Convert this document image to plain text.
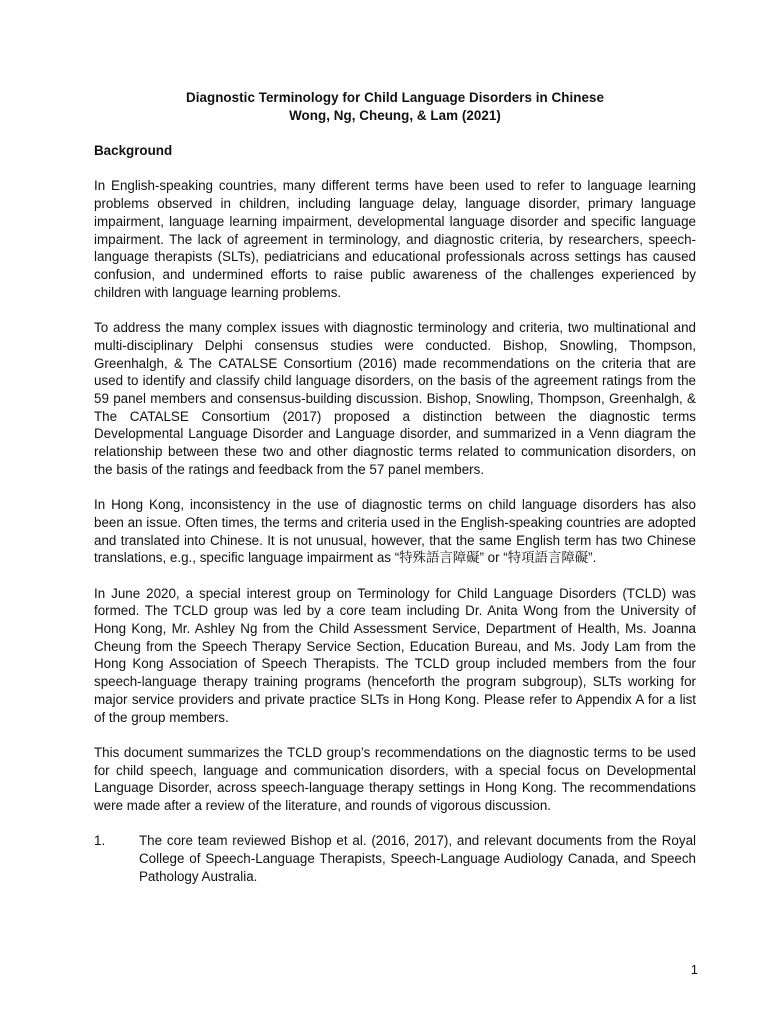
Diagnostic Terminology for Child Language Disorders in Chinese
Wong, Ng, Cheung, & Lam (2021)
Background

In English-speaking countries, many different terms have been used to refer to language learning problems observed in children, including language delay, language disorder, primary language impairment, language learning impairment, developmental language disorder and specific language impairment. The lack of agreement in terminology, and diagnostic criteria, by researchers, speech-language therapists (SLTs), pediatricians and educational professionals across settings has caused confusion, and undermined efforts to raise public awareness of the challenges experienced by children with language learning problems.

To address the many complex issues with diagnostic terminology and criteria, two multinational and multi-disciplinary Delphi consensus studies were conducted. Bishop, Snowling, Thompson, Greenhalgh, & The CATALSE Consortium (2016) made recommendations on the criteria that are used to identify and classify child language disorders, on the basis of the agreement ratings from the 59 panel members and consensus-building discussion. Bishop, Snowling, Thompson, Greenhalgh, & The CATALSE Consortium (2017) proposed a distinction between the diagnostic terms Developmental Language Disorder and Language disorder, and summarized in a Venn diagram the relationship between these two and other diagnostic terms related to communication disorders, on the basis of the ratings and feedback from the 57 panel members.

In Hong Kong, inconsistency in the use of diagnostic terms on child language disorders has also been an issue. Often times, the terms and criteria used in the English-speaking countries are adopted and translated into Chinese. It is not unusual, however, that the same English term has two Chinese translations, e.g., specific language impairment as “特殊語言障礙” or “特項語言障礙”.

In June 2020, a special interest group on Terminology for Child Language Disorders (TCLD) was formed. The TCLD group was led by a core team including Dr. Anita Wong from the University of Hong Kong, Mr. Ashley Ng from the Child Assessment Service, Department of Health, Ms. Joanna Cheung from the Speech Therapy Service Section, Education Bureau, and Ms. Jody Lam from the Hong Kong Association of Speech Therapists. The TCLD group included members from the four speech-language therapy training programs (henceforth the program subgroup), SLTs working for major service providers and private practice SLTs in Hong Kong. Please refer to Appendix A for a list of the group members.

This document summarizes the TCLD group’s recommendations on the diagnostic terms to be used for child speech, language and communication disorders, with a special focus on Developmental Language Disorder, across speech-language therapy settings in Hong Kong. The recommendations were made after a review of the literature, and rounds of vigorous discussion.

1.	The core team reviewed Bishop et al. (2016, 2017), and relevant documents from the Royal College of Speech-Language Therapists, Speech-Language Audiology Canada, and Speech Pathology Australia.
1
